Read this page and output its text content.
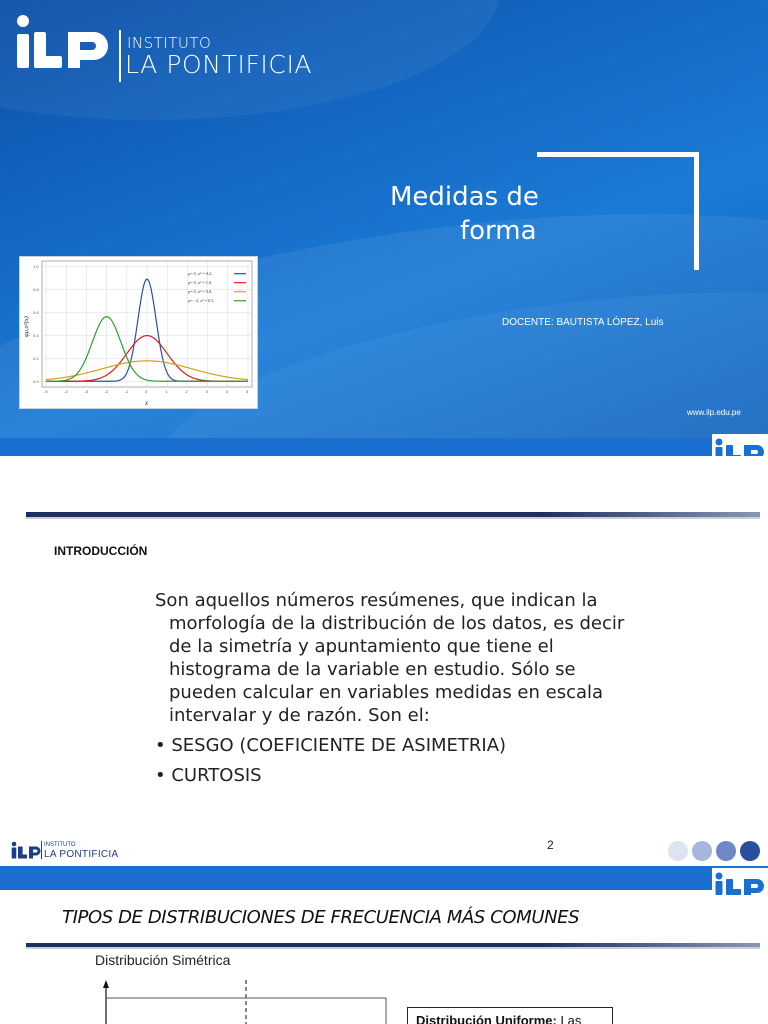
INSTITUTO
LA PONTIFICIA
Medidas de
forma
DOCENTE: BAUTISTA LÓPEZ, Luis
www.ilp.edu.pe
0.0
0.2
0.4
0.6
0.8
1.0
-5	-4	-3	-2	-1	0	1	2	3	4	5
μ= 0, σ² = 0.2,
μ= 0, σ² = 1.0,
μ= 0, σ² = 5.0,
μ= −2, σ² = 0.5,
x
φμ,σ²(x)
INTRODUCCIÓN
Son aquellos números resúmenes, que indican la
morfología de la distribución de los datos, es decir
de la simetría y apuntamiento que tiene el
histograma de la variable en estudio. Sólo se
pueden calcular en variables medidas en escala
intervalar y de razón. Son el:
• SESGO (COEFICIENTE DE ASIMETRIA)
• CURTOSIS
INSTITUTO
LA PONTIFICIA
2
TIPOS DE DISTRIBUCIONES DE FRECUENCIA MÁS COMUNES
Distribución Simétrica
Distribución Uniforme: Las
